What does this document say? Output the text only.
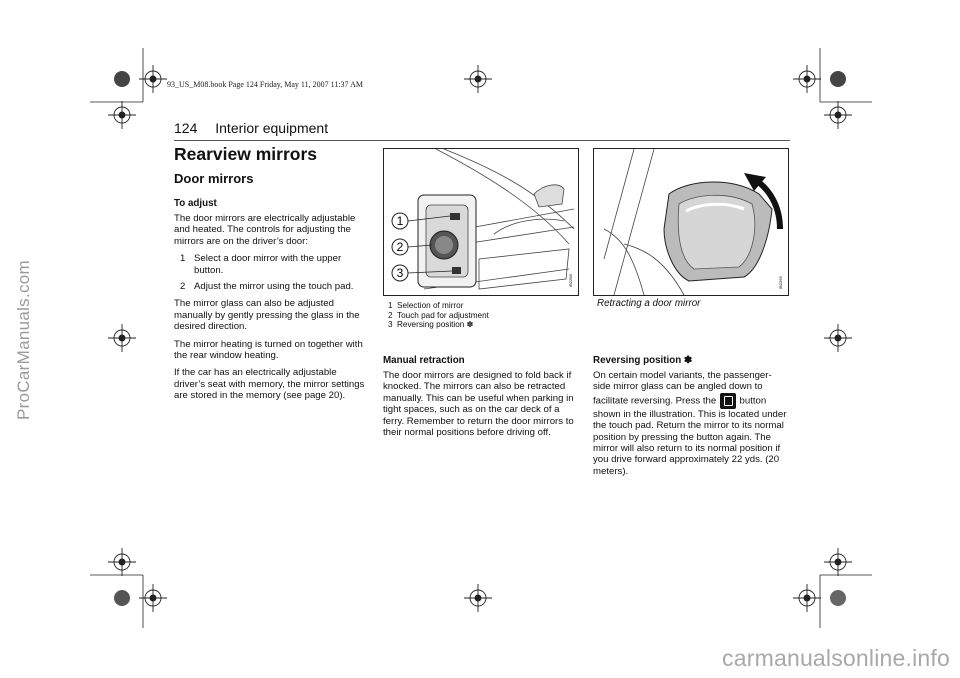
ProCarManuals.com
carmanualsonline.info
93_US_M08.book Page 124 Friday, May 11, 2007 11:37 AM
124 Interior equipment
Rearview mirrors
Door mirrors
To adjust

The door mirrors are electrically adjustable and heated. The controls for adjusting the mirrors are on the driver’s door:

1 Select a door mirror with the upper button.
2 Adjust the mirror using the touch pad.

The mirror glass can also be adjusted manually by gently pressing the glass in the desired direction.

The mirror heating is turned on together with the rear window heating.

If the car has an electrically adjustable driver’s seat with memory, the mirror settings are stored in the memory (see page 20).

1
2
3
IB2268
1 Selection of mirror
2 Touch pad for adjustment
3 Reversing position ✽
IB2269
Retracting a door mirror
Manual retraction

The door mirrors are designed to fold back if knocked. The mirrors can also be retracted manually. This can be useful when parking in tight spaces, such as on the car deck of a ferry. Remember to return the door mirrors to their normal positions before driving off.

Reversing position ✽

On certain model variants, the passenger-side mirror glass can be angled down to facilitate reversing. Press the button shown in the illustration. This is located under the touch pad. Return the mirror to its normal position by pressing the button again. The mirror will also return to its normal position if you drive forward approximately 22 yds. (20 meters).
